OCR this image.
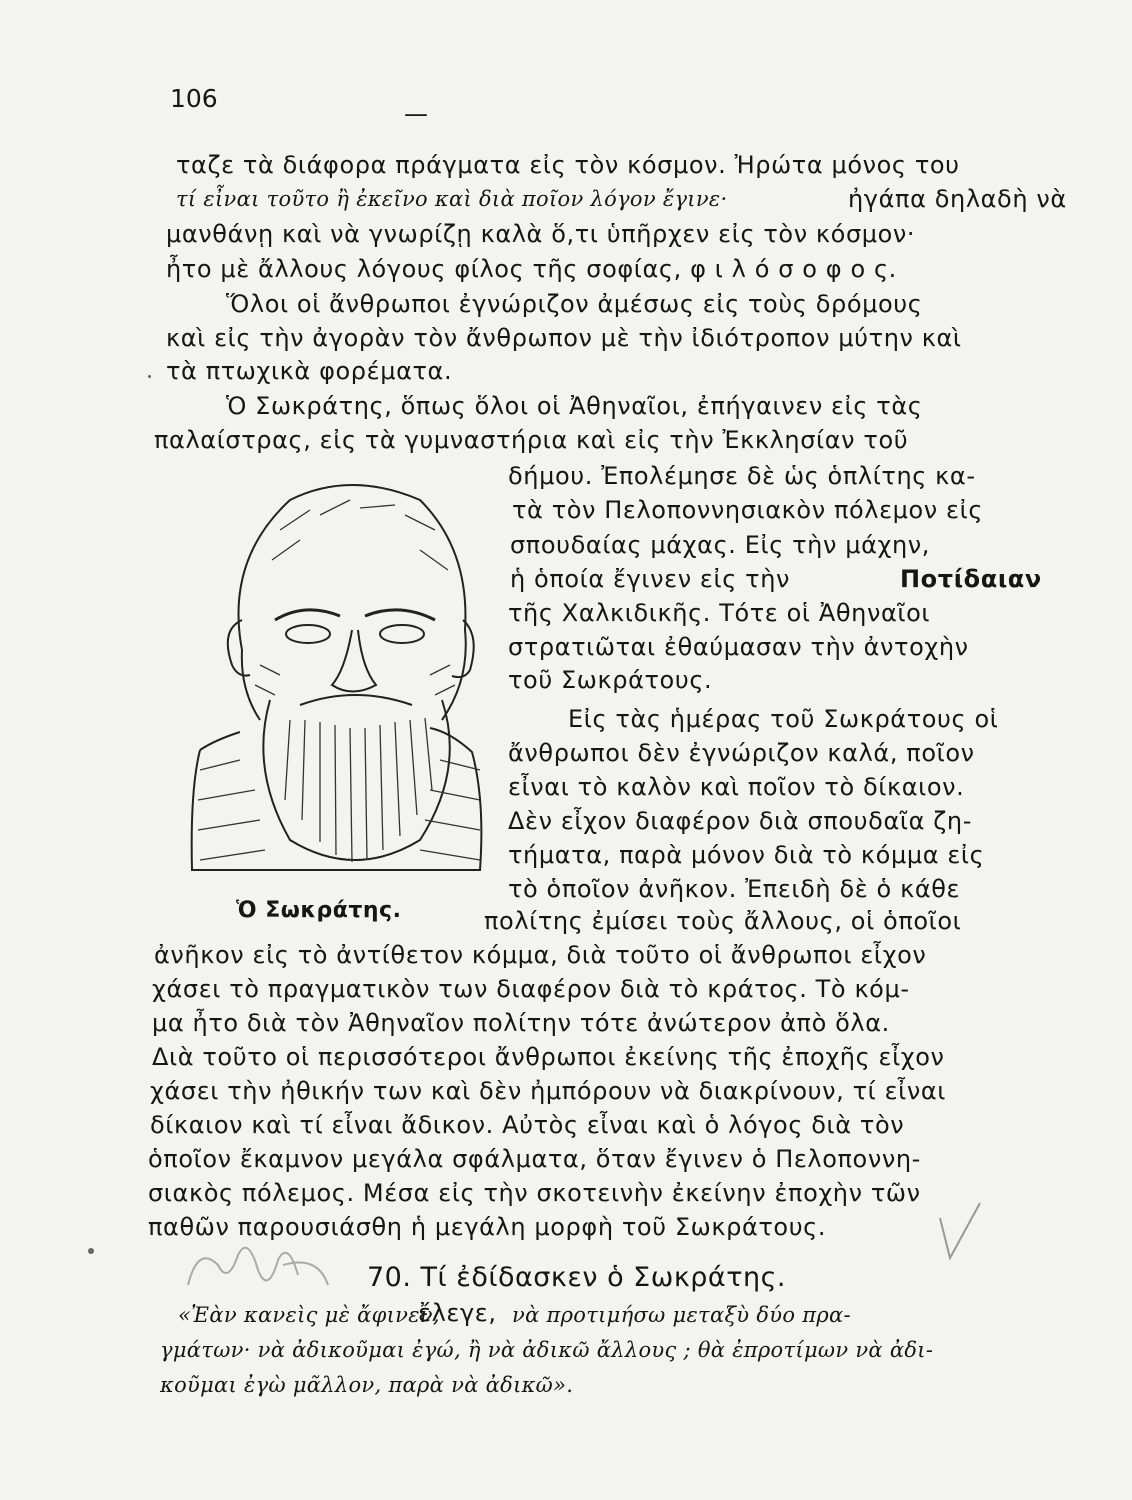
106
—
ταζε τὰ διάφορα πράγματα εἰς τὸν κόσμον. Ἠρώτα μόνος του
τί εἶναι τοῦτο ἢ ἐκεῖνο καὶ διὰ ποῖον λόγον ἔγινε·	ἠγάπα δηλαδὴ νὰ
μανθάνῃ καὶ νὰ γνωρίζῃ καλὰ ὅ,τι ὑπῆρχεν εἰς τὸν κόσμον·
ἦτο μὲ ἄλλους λόγους φίλος τῆς σοφίας, φ ι λ ό σ ο φ ο ς.
Ὅλοι οἱ ἄνθρωποι ἐγνώριζον ἀμέσως εἰς τοὺς δρόμους
καὶ εἰς τὴν ἀγορὰν τὸν ἄνθρωπον μὲ τὴν ἰδιότροπον μύτην καὶ
τὰ πτωχικὰ φορέματα.
Ὁ Σωκράτης, ὅπως ὅλοι οἱ Ἀθηναῖοι, ἐπήγαινεν εἰς τὰς
παλαίστρας, εἰς τὰ γυμναστήρια καὶ εἰς τὴν Ἐκκλησίαν τοῦ
δήμου. Ἐπολέμησε δὲ ὡς ὁπλίτης κα-
τὰ τὸν Πελοποννησιακὸν πόλεμον εἰς
σπουδαίας μάχας. Εἰς τὴν μάχην,
ἡ ὁποία ἔγινεν εἰς τὴν	Ποτίδαιαν
τῆς Χαλκιδικῆς. Τότε οἱ Ἀθηναῖοι
στρατιῶται ἐθαύμασαν τὴν ἀντοχὴν
τοῦ Σωκράτους.
Εἰς τὰς ἡμέρας τοῦ Σωκράτους οἱ
ἄνθρωποι δὲν ἐγνώριζον καλά, ποῖον
εἶναι τὸ καλὸν καὶ ποῖον τὸ δίκαιον.
Δὲν εἶχον διαφέρον διὰ σπουδαῖα ζη-
τήματα, παρὰ μόνον διὰ τὸ κόμμα εἰς
τὸ ὁποῖον ἀνῆκον. Ἐπειδὴ δὲ ὁ κάθε
πολίτης ἐμίσει τοὺς ἄλλους, οἱ ὁποῖοι
ἀνῆκον εἰς τὸ ἀντίθετον κόμμα, διὰ τοῦτο οἱ ἄνθρωποι εἶχον
χάσει τὸ πραγματικὸν των διαφέρον διὰ τὸ κράτος. Τὸ κόμ-
μα ἦτο διὰ τὸν Ἀθηναῖον πολίτην τότε ἀνώτερον ἀπὸ ὅλα.
Διὰ τοῦτο οἱ περισσότεροι ἄνθρωποι ἐκείνης τῆς ἐποχῆς εἶχον
χάσει τὴν ἠθικήν των καὶ δὲν ἠμπόρουν νὰ διακρίνουν, τί εἶναι
δίκαιον καὶ τί εἶναι ἄδικον. Αὐτὸς εἶναι καὶ ὁ λόγος διὰ τὸν
ὁποῖον ἔκαμνον μεγάλα σφάλματα, ὅταν ἔγινεν ὁ Πελοποννη-
σιακὸς πόλεμος. Μέσα εἰς τὴν σκοτεινὴν ἐκείνην ἐποχὴν τῶν
παθῶν παρουσιάσθη ἡ μεγάλη μορφὴ τοῦ Σωκράτους.
Ὁ Σωκράτης.
70. Τί ἐδίδασκεν ὁ Σωκράτης.
«Ἐὰν κανεὶς μὲ ἄφινεν,
ἔλεγε, νὰ προτιμήσω μεταξὺ δύο πρα-
γμάτων· νὰ ἀδικοῦμαι ἐγώ, ἢ νὰ ἀδικῶ ἄλλους ; θὰ ἐπροτίμων νὰ ἀδι-
κοῦμαι ἐγὼ μᾶλλον, παρὰ νὰ ἀδικῶ».
